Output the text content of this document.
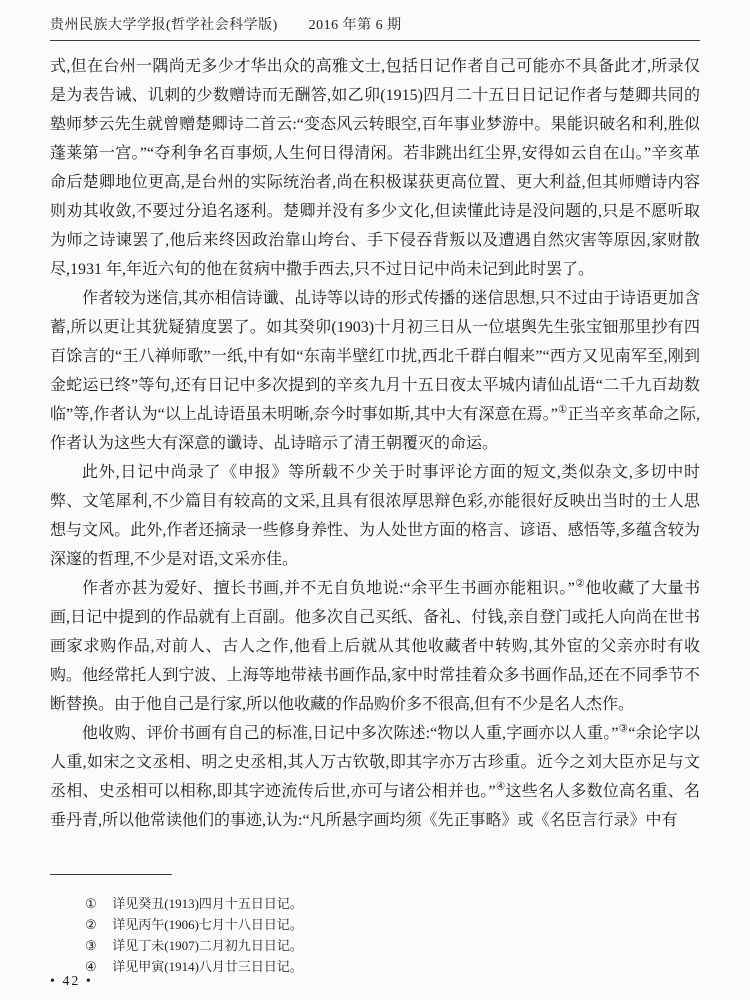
贵州民族大学学报(哲学社会科学版) 2016 年第 6 期

式,但在台州一隅尚无多少才华出众的高雅文士,包括日记作者自己可能亦不具备此才,所录仅是为表告诫、讥刺的少数赠诗而无酬答,如乙卯(1915)四月二十五日日记记作者与楚卿共同的塾师梦云先生就曾赠楚卿诗二首云:“变态风云转眼空,百年事业梦游中。果能识破名和利,胜似蓬莱第一宫。”“夺利争名百事烦,人生何日得清闲。若非跳出红尘界,安得如云自在山。”辛亥革命后楚卿地位更高,是台州的实际统治者,尚在积极谋获更高位置、更大利益,但其师赠诗内容则劝其收敛,不要过分追名逐利。楚卿并没有多少文化,但读懂此诗是没问题的,只是不愿听取为师之诗谏罢了,他后来终因政治靠山垮台、手下侵吞背叛以及遭遇自然灾害等原因,家财散尽,1931 年,年近六旬的他在贫病中撒手西去,只不过日记中尚未记到此时罢了。

作者较为迷信,其亦相信诗谶、乩诗等以诗的形式传播的迷信思想,只不过由于诗语更加含蓄,所以更让其犹疑猜度罢了。如其癸卯(1903)十月初三日从一位堪舆先生张宝钿那里抄有四百馀言的“王八禅师歌”一纸,中有如“东南半壁红巾扰,西北千群白帽来”“西方又见南军至,刚到金蛇运已终”等句,还有日记中多次提到的辛亥九月十五日夜太平城内请仙乩语“二千九百劫数临”等,作者认为“以上乩诗语虽未明晰,奈今时事如斯,其中大有深意在焉。”①正当辛亥革命之际,作者认为这些大有深意的谶诗、乩诗暗示了清王朝覆灭的命运。

此外,日记中尚录了《申报》等所载不少关于时事评论方面的短文,类似杂文,多切中时弊、文笔犀利,不少篇目有较高的文采,且具有很浓厚思辩色彩,亦能很好反映出当时的士人思想与文风。此外,作者还摘录一些修身养性、为人处世方面的格言、谚语、感悟等,多蕴含较为深邃的哲理,不少是对语,文采亦佳。

作者亦甚为爱好、擅长书画,并不无自负地说:“余平生书画亦能粗识。”②他收藏了大量书画,日记中提到的作品就有上百副。他多次自己买纸、备礼、付钱,亲自登门或托人向尚在世书画家求购作品,对前人、古人之作,他看上后就从其他收藏者中转购,其外宦的父亲亦时有收购。他经常托人到宁波、上海等地带裱书画作品,家中时常挂着众多书画作品,还在不同季节不断替换。由于他自己是行家,所以他收藏的作品购价多不很高,但有不少是名人杰作。

他收购、评价书画有自己的标准,日记中多次陈述:“物以人重,字画亦以人重。”③“余论字以人重,如宋之文丞相、明之史丞相,其人万古钦敬,即其字亦万古珍重。近今之刘大臣亦足与文丞相、史丞相可以相称,即其字迹流传后世,亦可与诸公相并也。”④这些名人多数位高名重、名垂丹青,所以他常读他们的事迹,认为:“凡所悬字画均须《先正事略》或《名臣言行录》中有

① 详见癸丑(1913)四月十五日日记。
② 详见丙午(1906)七月十八日日记。
③ 详见丁未(1907)二月初九日日记。
④ 详见甲寅(1914)八月廿三日日记。
• 42 •
